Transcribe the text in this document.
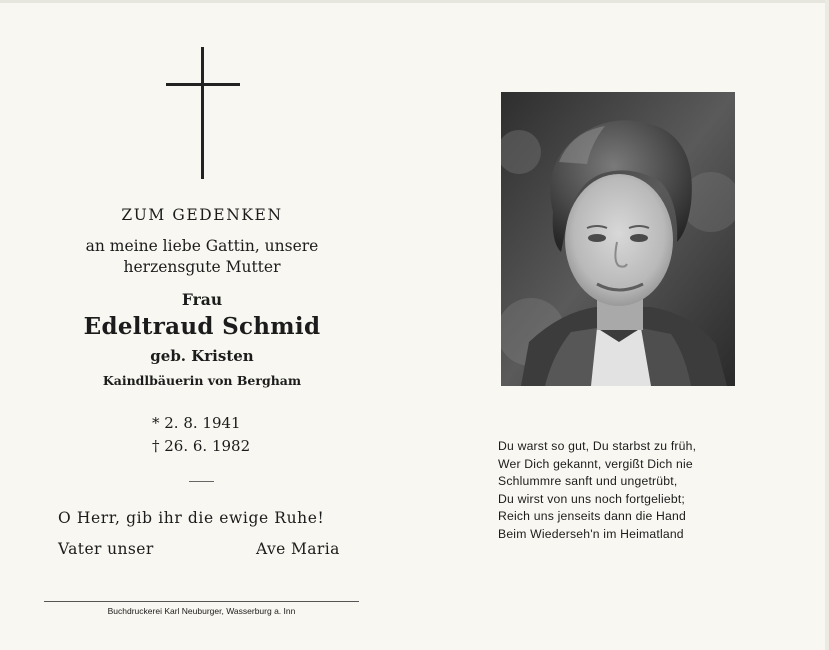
ZUM GEDENKEN
an meine liebe Gattin, unsere
herzensgute Mutter
Frau
Edeltraud Schmid
geb. Kristen
Kaindlbäuerin von Bergham
* 2. 8. 1941
† 26. 6. 1982
O Herr, gib ihr die ewige Ruhe!
Vater unser	Ave Maria
Buchdruckerei Karl Neuburger, Wasserburg a. Inn
Du warst so gut, Du starbst zu früh,
Wer Dich gekannt, vergißt Dich nie
Schlummre sanft und ungetrübt,
Du wirst von uns noch fortgeliebt;
Reich uns jenseits dann die Hand
Beim Wiederseh'n im Heimatland
